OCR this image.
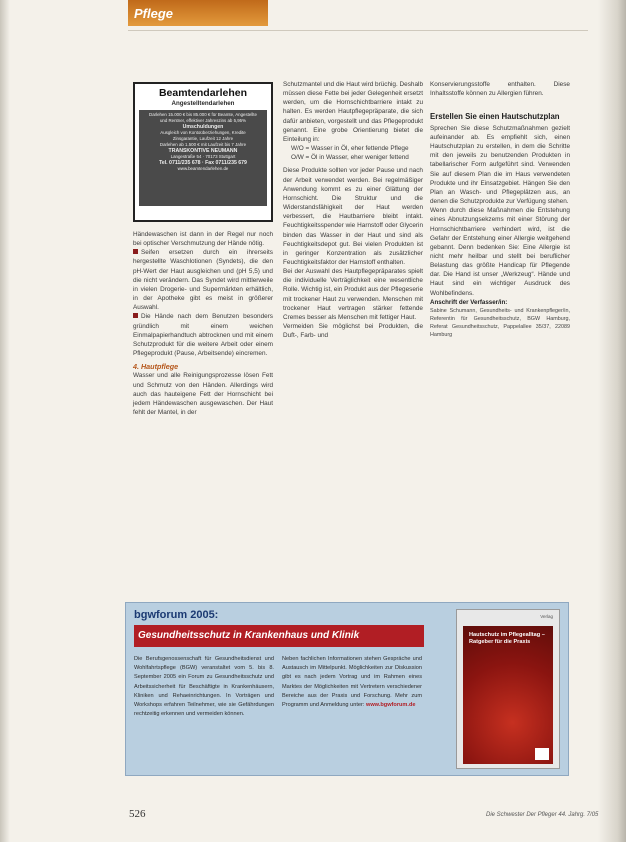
Pflege
Beamtendarlehen
Angestelltendarlehen
Darlehen 15.000 € bis 85.000 € für Beamte, Angestellte
und Rentner, effektiver Jahreszins ab 5,95%
Umschuldungen
Ausgleich von Kontoüberziehungen, Kredite
Zinsgarantie, Laufzeit 12 Jahre
Darlehen ab 1.500 € mit Laufzeit bis 7 Jahre
TRANSKONTIVE NEUMANN
Langestraße 54 · 70173 Stuttgart

Tel. 0711/235 678 · Fax 0711/235 679
www.beamtendarlehen.de

Händewaschen ist dann in der Regel nur noch bei optischer Verschmutzung der Hände nötig.

Seifen ersetzen durch ein ihrerseits hergestellte Waschlotionen (Syndets), die den pH-Wert der Haut ausgleichen und (pH 5,5) und die nicht verändern. Das Syndet wird mittlerweile in vielen Drogerie- und Supermärkten erhältlich, in der Apotheke gibt es meist in größerer Auswahl.

Die Hände nach dem Benutzen besonders gründlich mit einem weichen Einmalpapierhandtuch abtrocknen und mit einem Schutzprodukt für die weitere Arbeit oder einem Pflegeprodukt (Pause, Arbeitsende) eincremen.

4. Hautpflege

Wasser und alle Reinigungsprozesse lösen Fett und Schmutz von den Händen. Allerdings wird auch das hauteigene Fett der Hornschicht bei jedem Händewaschen ausgewaschen. Der Haut fehlt der Mantel, in der

Schutzmantel und die Haut wird brüchig. Deshalb müssen diese Fette bei jeder Gelegenheit ersetzt werden, um die Hornschichtbarriere intakt zu halten. Es werden Hautpflegepräparate, die sich dafür anbieten, vorgestellt und das Pflegeprodukt genannt. Eine grobe Orientierung bietet die Einteilung in:

W/O = Wasser in Öl, eher fettende Pflege

O/W = Öl in Wasser, eher weniger fettend

Diese Produkte sollten vor jeder Pause und nach der Arbeit verwendet werden. Bei regelmäßiger Anwendung kommt es zu einer Glättung der Hornschicht. Die Struktur und die Widerstandsfähigkeit der Haut werden verbessert, die Hautbarriere bleibt intakt. Feuchtigkeitsspender wie Harnstoff oder Glycerin binden das Wasser in der Haut und sind als Feuchtigkeitsdepot gut. Bei vielen Produkten ist in geringer Konzentration als zusätzlicher Feuchtigkeitsfaktor der Harnstoff enthalten.

Bei der Auswahl des Hautpflegepräparates spielt die individuelle Verträglichkeit eine wesentliche Rolle. Wichtig ist, ein Produkt aus der Pflegeserie mit trockener Haut zu verwenden. Menschen mit trockener Haut vertragen stärker fettende Cremes besser als Menschen mit fettiger Haut.

Vermeiden Sie möglichst bei Produkten, die Duft-, Farb- und

Konservierungsstoffe enthalten. Diese Inhaltsstoffe können zu Allergien führen.

Erstellen Sie einen Hautschutzplan

Sprechen Sie diese Schutzmaßnahmen gezielt aufeinander ab. Es empfiehlt sich, einen Hautschutzplan zu erstellen, in dem die Schritte mit den jeweils zu benutzenden Produkten in tabellarischer Form aufgeführt sind. Verwenden Sie auf diesem Plan die im Haus verwendeten Produkte und ihr Einsatzgebiet. Hängen Sie den Plan an Wasch- und Pflegeplätzen aus, an denen die Schutzprodukte zur Verfügung stehen.

Wenn durch diese Maßnahmen die Entstehung eines Abnutzungsekzems mit einer Störung der Hornschichtbarriere verhindert wird, ist die Gefahr der Entstehung einer Allergie weitgehend gebannt. Denn bedenken Sie: Eine Allergie ist nicht mehr heilbar und stellt bei beruflicher Belastung das größte Handicap für Pflegende dar. Die Hand ist unser „Werkzeug“. Hände und Haut sind ein wichtiger Ausdruck des Wohlbefindens.

Anschrift der Verfasser/in:

Sabine Schumann, Gesundheits- und Krankenpfleger/in, Referentin für Gesundheitsschutz, BGW Hamburg, Referat Gesundheitsschutz, Pappelallee 35/37, 22089 Hamburg

bgwforum 2005:
Gesundheitsschutz in Krankenhaus und Klinik
Die Berufsgenossenschaft für Gesundheitsdienst und Wohlfahrtspflege (BGW) veranstaltet vom 5. bis 8. September 2005 ein Forum zu Gesundheitsschutz und Arbeitssicherheit für Beschäftigte in Krankenhäusern, Kliniken und Rehaeinrichtungen. In Vorträgen und Workshops erfahren Teilnehmer, wie sie Gefährdungen rechtzeitig erkennen und vermeiden können.
Neben fachlichen Informationen stehen Gespräche und Austausch im Mittelpunkt. Möglichkeiten zur Diskussion gibt es nach jedem Vortrag und im Rahmen eines Marktes der Möglichkeiten mit Vertretern verschiedener Bereiche aus der Praxis und Forschung. Mehr zum Programm und Anmeldung unter: www.bgwforum.de
Verlag
Hautschutz im Pflegealltag – Ratgeber für die Praxis
526	Die Schwester Der Pfleger 44. Jahrg. 7/05
